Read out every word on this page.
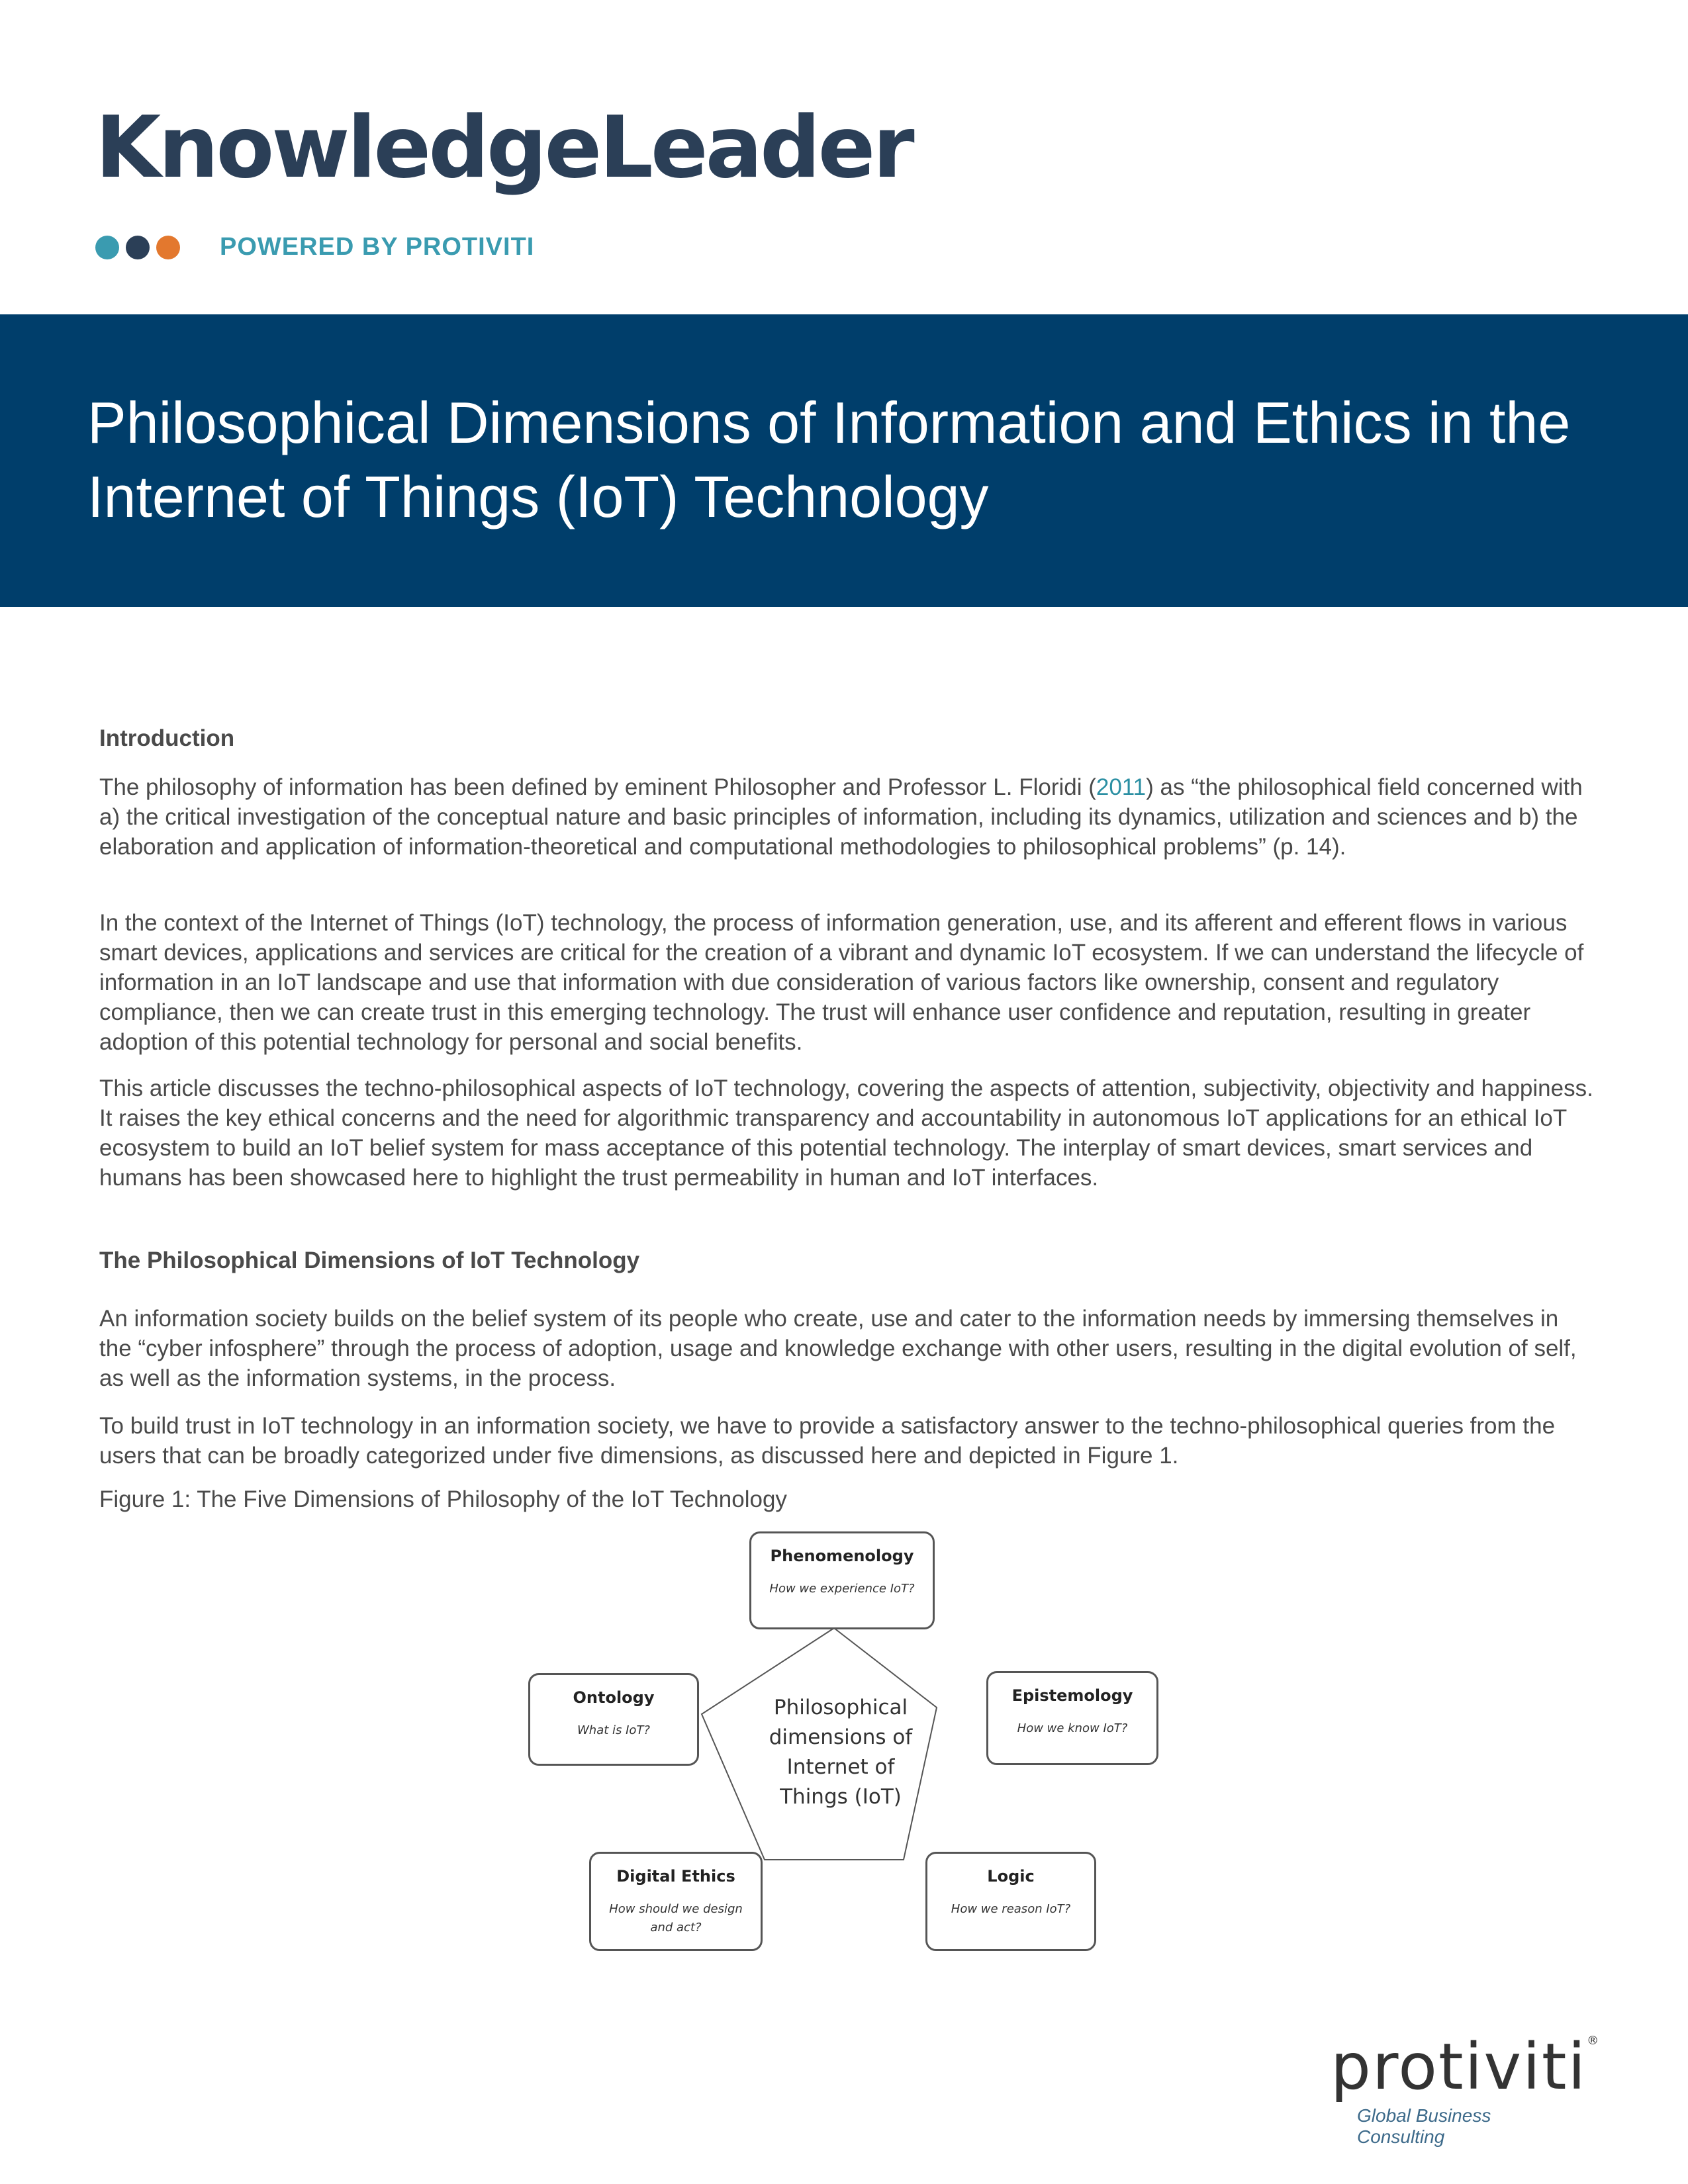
KnowledgeLeader
POWERED BY PROTIVITI
Philosophical Dimensions of Information and Ethics in the Internet of Things (IoT) Technology
Introduction
The philosophy of information has been defined by eminent Philosopher and Professor L. Floridi (2011) as “the philosophical field concerned with a) the critical investigation of the conceptual nature and basic principles of information, including its dynamics, utilization and sciences and b) the elaboration and application of information-theoretical and computational methodologies to philosophical problems” (p. 14).
In the context of the Internet of Things (IoT) technology, the process of information generation, use, and its afferent and efferent flows in various smart devices, applications and services are critical for the creation of a vibrant and dynamic IoT ecosystem. If we can understand the lifecycle of information in an IoT landscape and use that information with due consideration of various factors like ownership, consent and regulatory compliance, then we can create trust in this emerging technology. The trust will enhance user confidence and reputation, resulting in greater adoption of this potential technology for personal and social benefits.
This article discusses the techno-philosophical aspects of IoT technology, covering the aspects of attention, subjectivity, objectivity and happiness. It raises the key ethical concerns and the need for algorithmic transparency and accountability in autonomous IoT applications for an ethical IoT ecosystem to build an IoT belief system for mass acceptance of this potential technology. The interplay of smart devices, smart services and humans has been showcased here to highlight the trust permeability in human and IoT interfaces.
The Philosophical Dimensions of IoT Technology
An information society builds on the belief system of its people who create, use and cater to the information needs by immersing themselves in the “cyber infosphere” through the process of adoption, usage and knowledge exchange with other users, resulting in the digital evolution of self, as well as the information systems, in the process.
To build trust in IoT technology in an information society, we have to provide a satisfactory answer to the techno-philosophical queries from the users that can be broadly categorized under five dimensions, as discussed here and depicted in Figure 1.
Figure 1: The Five Dimensions of Philosophy of the IoT Technology
Philosophical
dimensions of
Internet of
Things (IoT)
Phenomenology
How we experience IoT?
Ontology
What is IoT?
Epistemology
How we know IoT?
Digital Ethics
How should we design and act?
Logic
How we reason IoT?
protiviti®
Global Business Consulting
